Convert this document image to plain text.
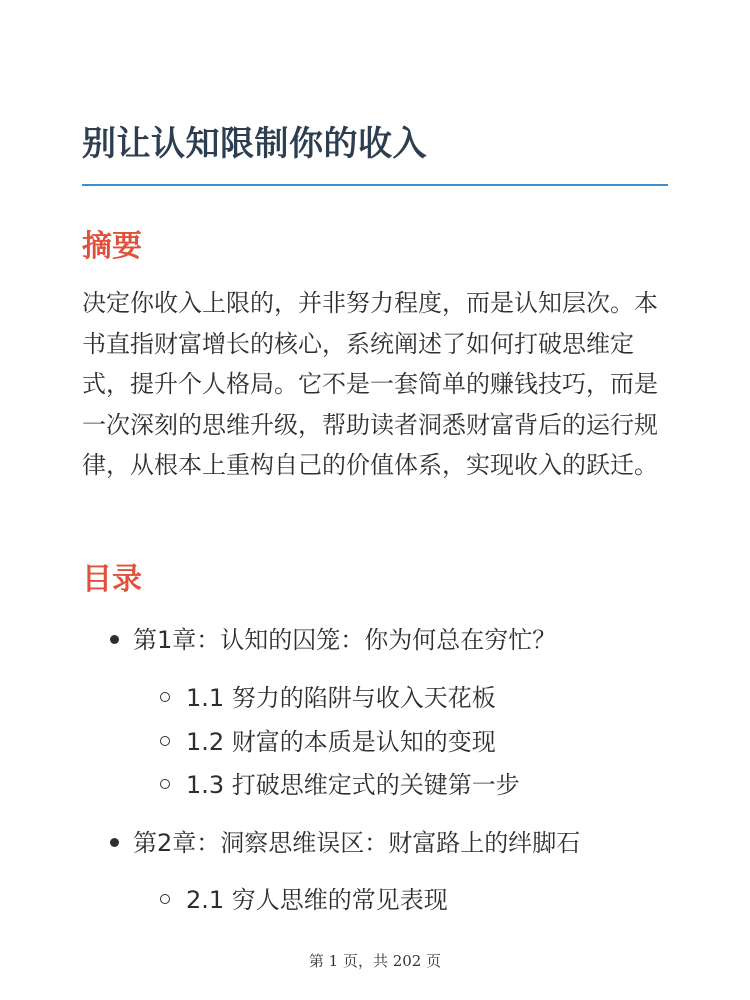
别让认知限制你的收入
摘要

决定你收入上限的，并非努力程度，而是认知层次。本书直指财富增长的核心，系统阐述了如何打破思维定式，提升个人格局。它不是一套简单的赚钱技巧，而是一次深刻的思维升级，帮助读者洞悉财富背后的运行规律，从根本上重构自己的价值体系，实现收入的跃迁。

目录
第1章：认知的囚笼：你为何总在穷忙？
1.1 努力的陷阱与收入天花板
1.2 财富的本质是认知的变现
1.3 打破思维定式的关键第一步
第2章：洞察思维误区：财富路上的绊脚石
2.1 穷人思维的常见表现
第 1 页，共 202 页
